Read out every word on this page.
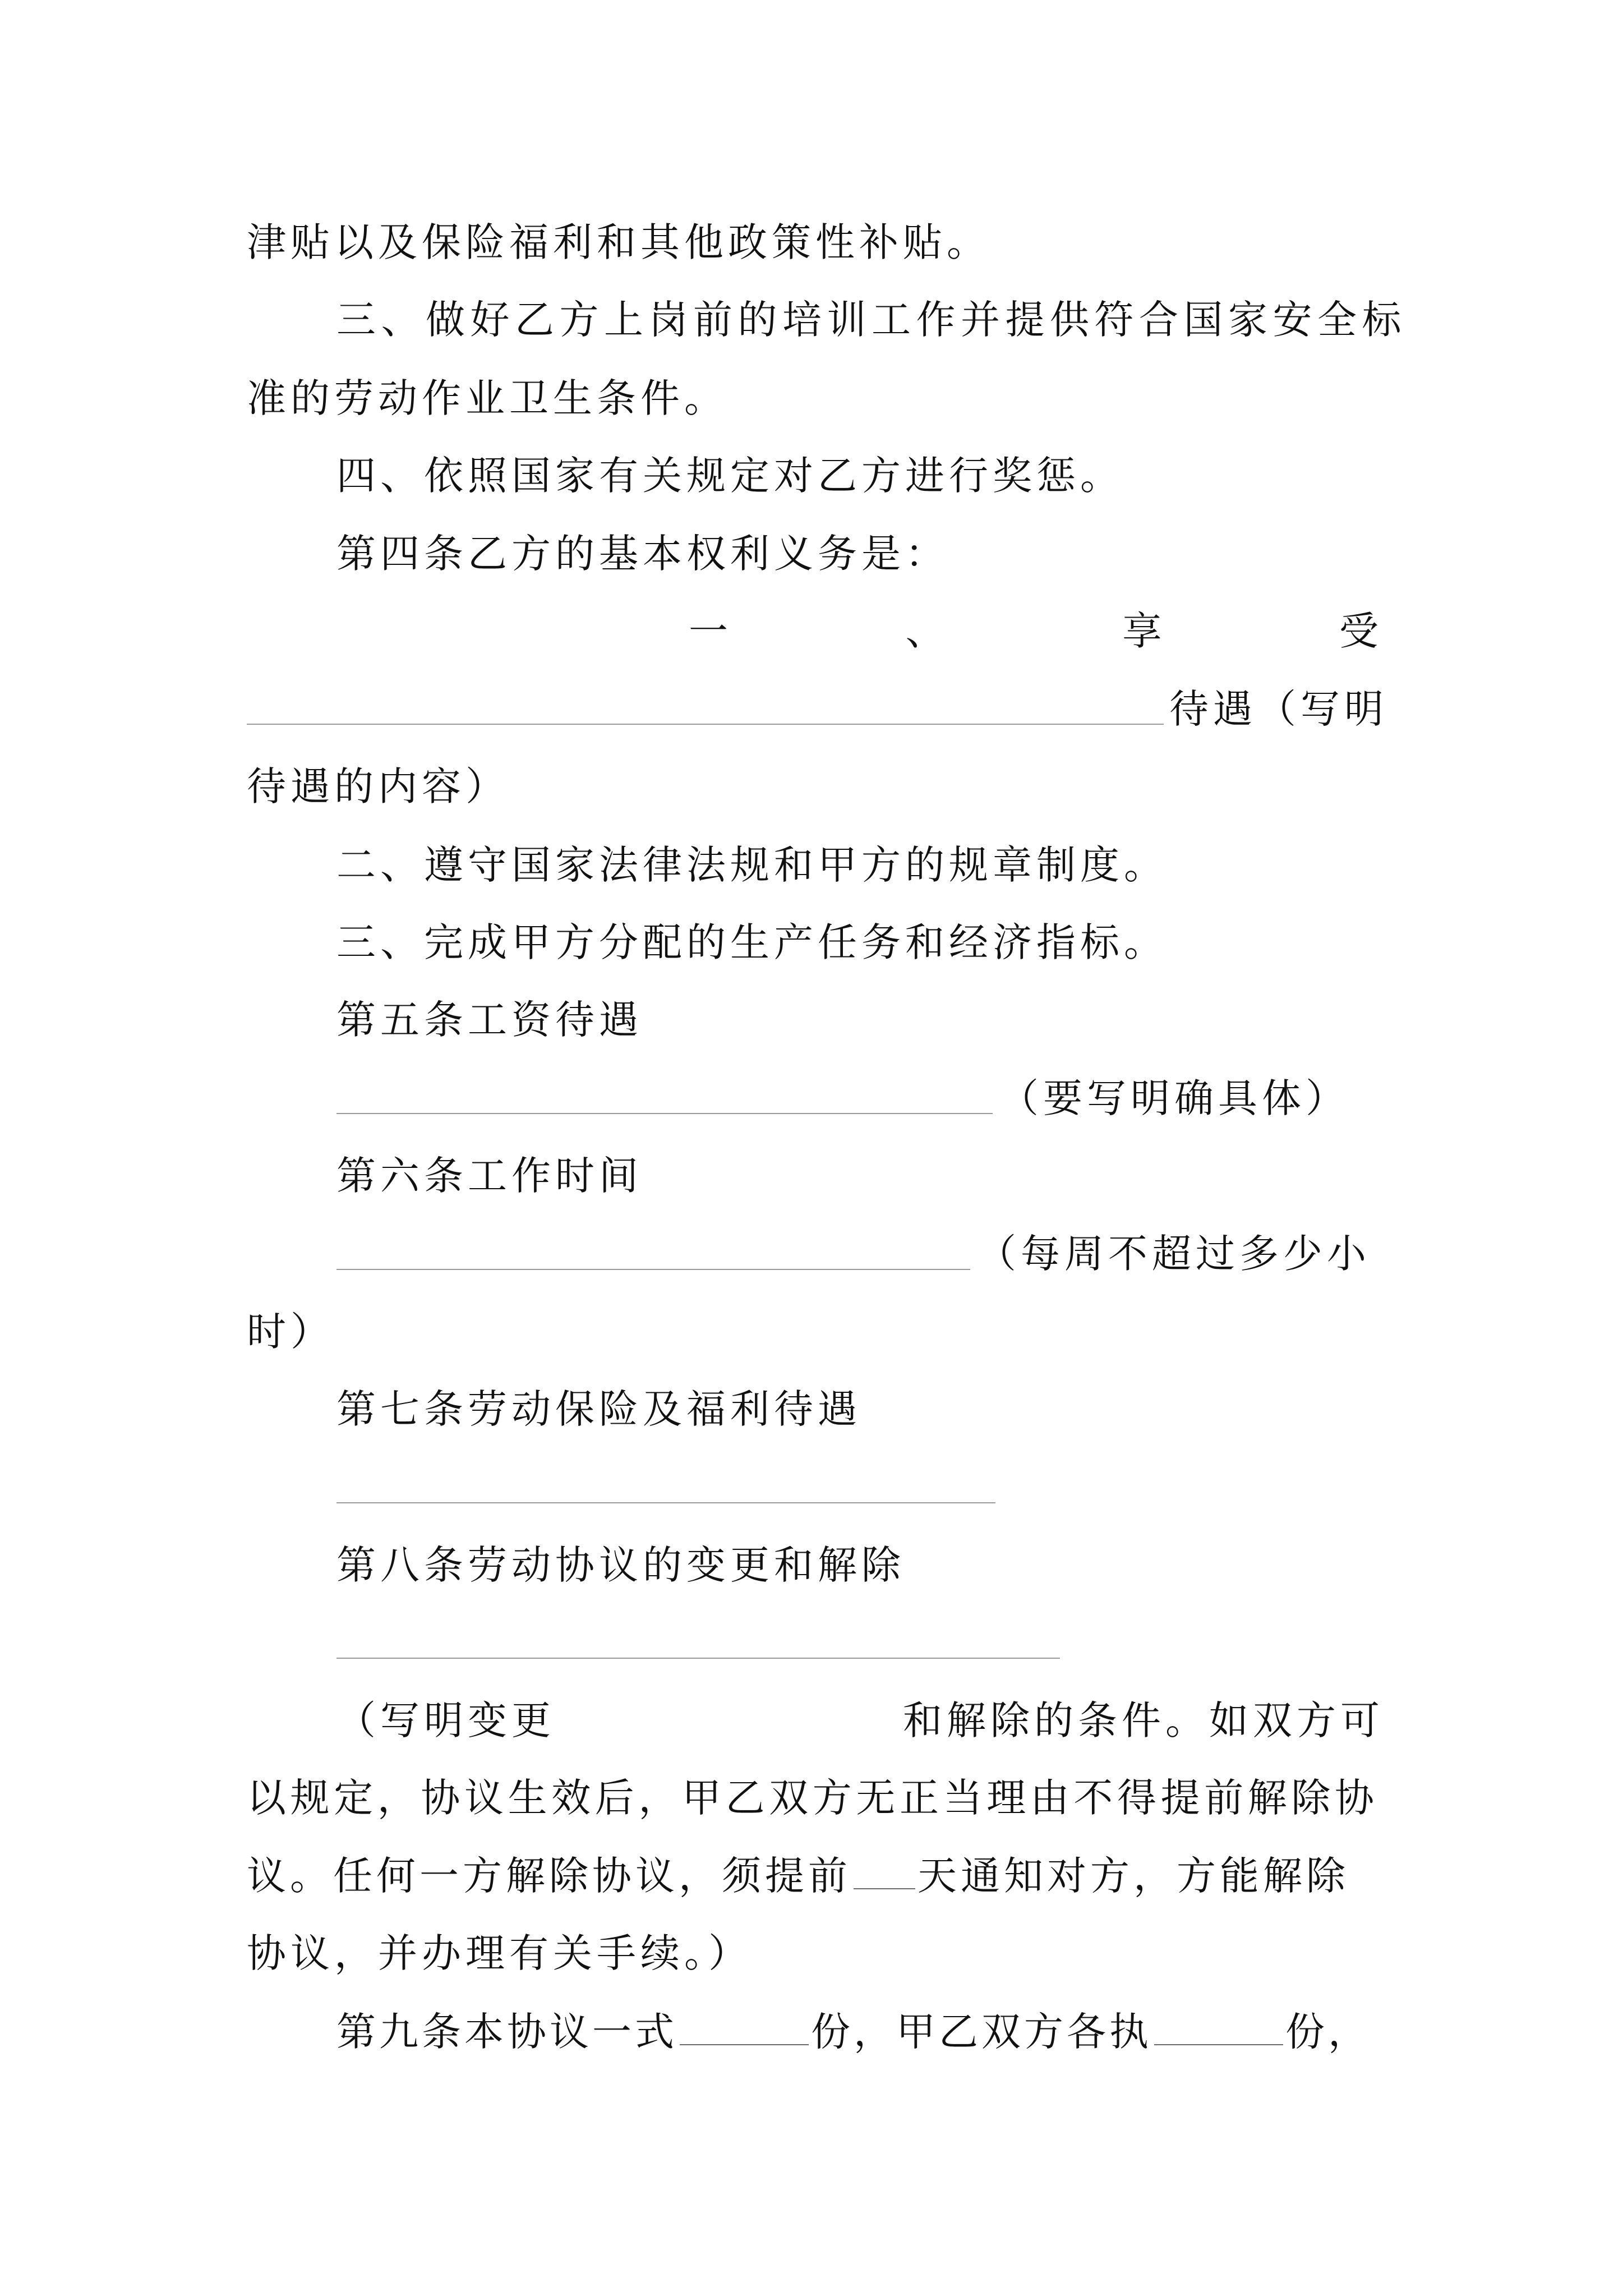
津贴以及保险福利和其他政策性补贴。

三、做好乙方上岗前的培训工作并提供符合国家安全标

准的劳动作业卫生条件。

四、依照国家有关规定对乙方进行奖惩。

第四条乙方的基本权利义务是：

一	、	享	受

待遇（写明

待遇的内容）

二、遵守国家法律法规和甲方的规章制度。

三、完成甲方分配的生产任务和经济指标。

第五条工资待遇

（要写明确具体）

第六条工作时间

（每周不超过多少小

时）

第七条劳动保险及福利待遇

第八条劳动协议的变更和解除

（写明变更	和解除的条件。如双方可

以规定，协议生效后，甲乙双方无正当理由不得提前解除协

议。任何一方解除协议，须提前 天通知对方，方能解除

协议，并办理有关手续。）

第九条本协议一式	份，甲乙双方各执	份，
